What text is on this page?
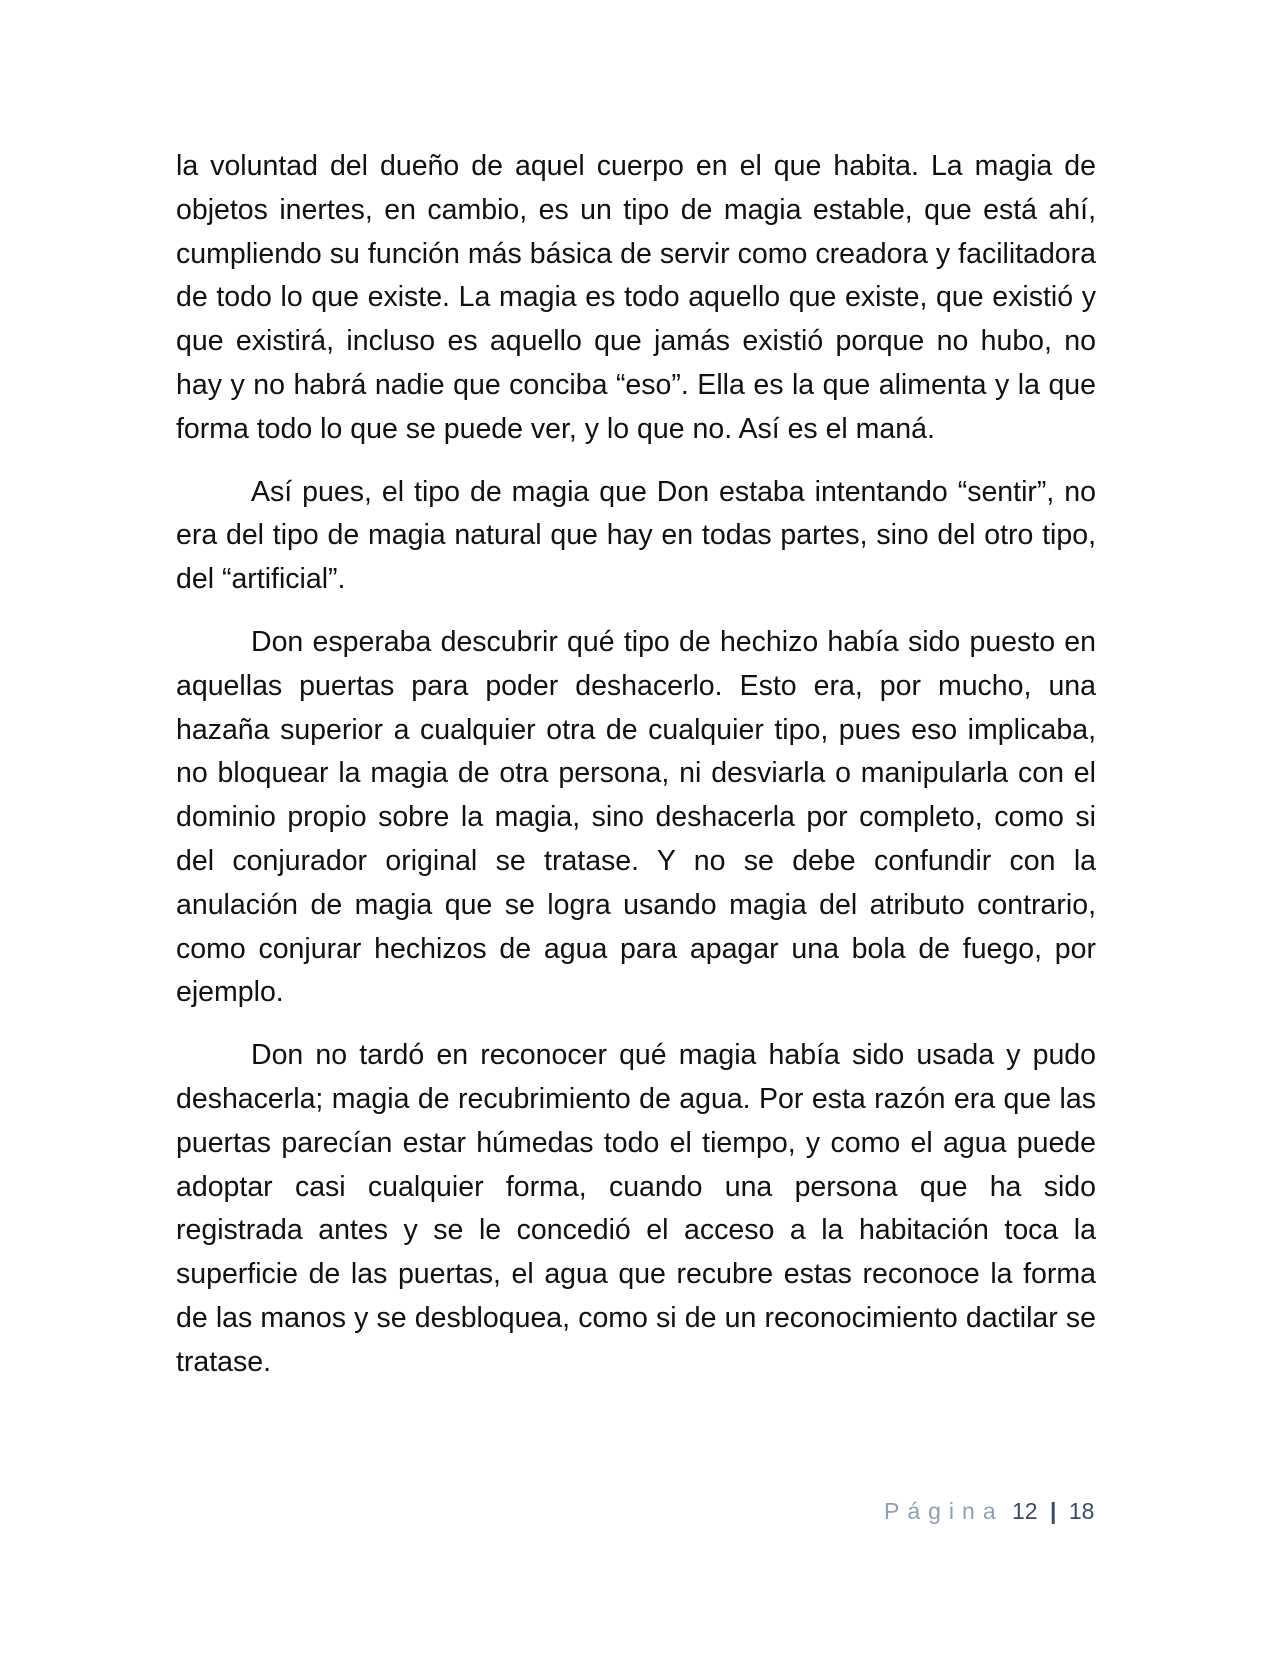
la voluntad del dueño de aquel cuerpo en el que habita. La magia de objetos inertes, en cambio, es un tipo de magia estable, que está ahí, cumpliendo su función más básica de servir como creadora y facilitadora de todo lo que existe. La magia es todo aquello que existe, que existió y que existirá, incluso es aquello que jamás existió porque no hubo, no hay y no habrá nadie que conciba “eso”. Ella es la que alimenta y la que forma todo lo que se puede ver, y lo que no. Así es el maná.

Así pues, el tipo de magia que Don estaba intentando “sentir”, no era del tipo de magia natural que hay en todas partes, sino del otro tipo, del “artificial”.

Don esperaba descubrir qué tipo de hechizo había sido puesto en aquellas puertas para poder deshacerlo. Esto era, por mucho, una hazaña superior a cualquier otra de cualquier tipo, pues eso implicaba, no bloquear la magia de otra persona, ni desviarla o manipularla con el dominio propio sobre la magia, sino deshacerla por completo, como si del conjurador original se tratase. Y no se debe confundir con la anulación de magia que se logra usando magia del atributo contrario, como conjurar hechizos de agua para apagar una bola de fuego, por ejemplo.

Don no tardó en reconocer qué magia había sido usada y pudo deshacerla; magia de recubrimiento de agua. Por esta razón era que las puertas parecían estar húmedas todo el tiempo, y como el agua puede adoptar casi cualquier forma, cuando una persona que ha sido registrada antes y se le concedió el acceso a la habitación toca la superficie de las puertas, el agua que recubre estas reconoce la forma de las manos y se desbloquea, como si de un reconocimiento dactilar se tratase.

Página 12 | 18
